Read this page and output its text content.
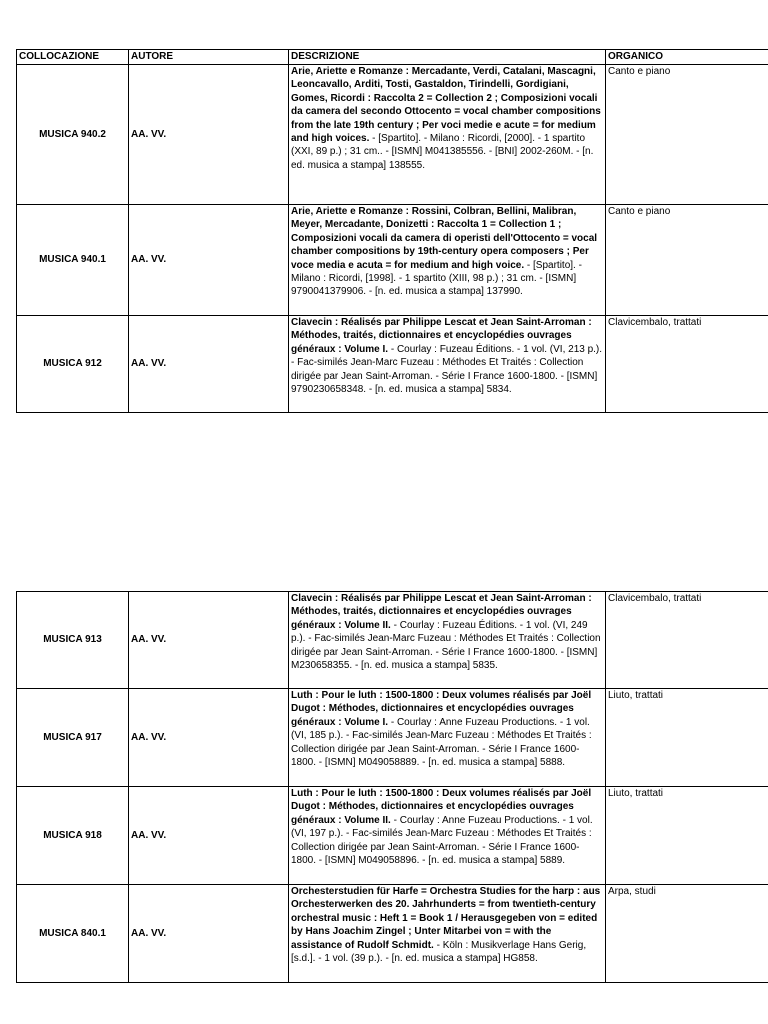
COLLOCAZIONE	AUTORE	DESCRIZIONE	ORGANICO
MUSICA 940.2	AA. VV.	Arie, Ariette e Romanze : Mercadante, Verdi, Catalani, Mascagni, Leoncavallo, Arditi, Tosti, Gastaldon, Tirindelli, Gordigiani, Gomes, Ricordi : Raccolta 2 = Collection 2 ; Composizioni vocali da camera del secondo Ottocento = vocal chamber compositions from the late 19th century ; Per voci medie e acute = for medium and high voices. - [Spartito]. - Milano : Ricordi, [2000]. - 1 spartito (XXI, 89 p.) ; 31 cm.. - [ISMN] M041385556. - [BNI] 2002-260M. - [n. ed. musica a stampa] 138555.	Canto e piano
MUSICA 940.1	AA. VV.	Arie, Ariette e Romanze : Rossini, Colbran, Bellini, Malibran, Meyer, Mercadante, Donizetti : Raccolta 1 = Collection 1 ; Composizioni vocali da camera di operisti dell'Ottocento = vocal chamber compositions by 19th-century opera composers ; Per voce media e acuta = for medium and high voice. - [Spartito]. - Milano : Ricordi, [1998]. - 1 spartito (XIII, 98 p.) ; 31 cm. - [ISMN] 9790041379906. - [n. ed. musica a stampa] 137990.	Canto e piano
MUSICA 912	AA. VV.	Clavecin : Réalisés par Philippe Lescat et Jean Saint-Arroman : Méthodes, traités, dictionnaires et encyclopédies ouvrages généraux : Volume I. - Courlay : Fuzeau Éditions. - 1 vol. (VI, 213 p.). - Fac-similés Jean-Marc Fuzeau : Méthodes Et Traités : Collection dirigée par Jean Saint-Arroman. - Série I France 1600-1800. - [ISMN] 9790230658348. - [n. ed. musica a stampa] 5834.	Clavicembalo, trattati
MUSICA 913	AA. VV.	Clavecin : Réalisés par Philippe Lescat et Jean Saint-Arroman : Méthodes, traités, dictionnaires et encyclopédies ouvrages généraux : Volume II. - Courlay : Fuzeau Éditions. - 1 vol. (VI, 249 p.). - Fac-similés Jean-Marc Fuzeau : Méthodes Et Traités : Collection dirigée par Jean Saint-Arroman. - Série I France 1600-1800. - [ISMN] M230658355. - [n. ed. musica a stampa] 5835.	Clavicembalo, trattati
MUSICA 917	AA. VV.	Luth : Pour le luth : 1500-1800 : Deux volumes réalisés par Joël Dugot : Méthodes, dictionnaires et encyclopédies ouvrages généraux : Volume I. - Courlay : Anne Fuzeau Productions. - 1 vol. (VI, 185 p.). - Fac-similés Jean-Marc Fuzeau : Méthodes Et Traités : Collection dirigée par Jean Saint-Arroman. - Série I France 1600-1800. - [ISMN] M049058889. - [n. ed. musica a stampa] 5888.	Liuto, trattati
MUSICA 918	AA. VV.	Luth : Pour le luth : 1500-1800 : Deux volumes réalisés par Joël Dugot : Méthodes, dictionnaires et encyclopédies ouvrages généraux : Volume II. - Courlay : Anne Fuzeau Productions. - 1 vol. (VI, 197 p.). - Fac-similés Jean-Marc Fuzeau : Méthodes Et Traités : Collection dirigée par Jean Saint-Arroman. - Série I France 1600-1800. - [ISMN] M049058896. - [n. ed. musica a stampa] 5889.	Liuto, trattati
MUSICA 840.1	AA. VV.	Orchesterstudien für Harfe = Orchestra Studies for the harp : aus Orchesterwerken des 20. Jahrhunderts = from twentieth-century orchestral music : Heft 1 = Book 1 / Herausgegeben von = edited by Hans Joachim Zingel ; Unter Mitarbei von = with the assistance of Rudolf Schmidt. - Köln : Musikverlage Hans Gerig, [s.d.]. - 1 vol. (39 p.). - [n. ed. musica a stampa] HG858.	Arpa, studi
